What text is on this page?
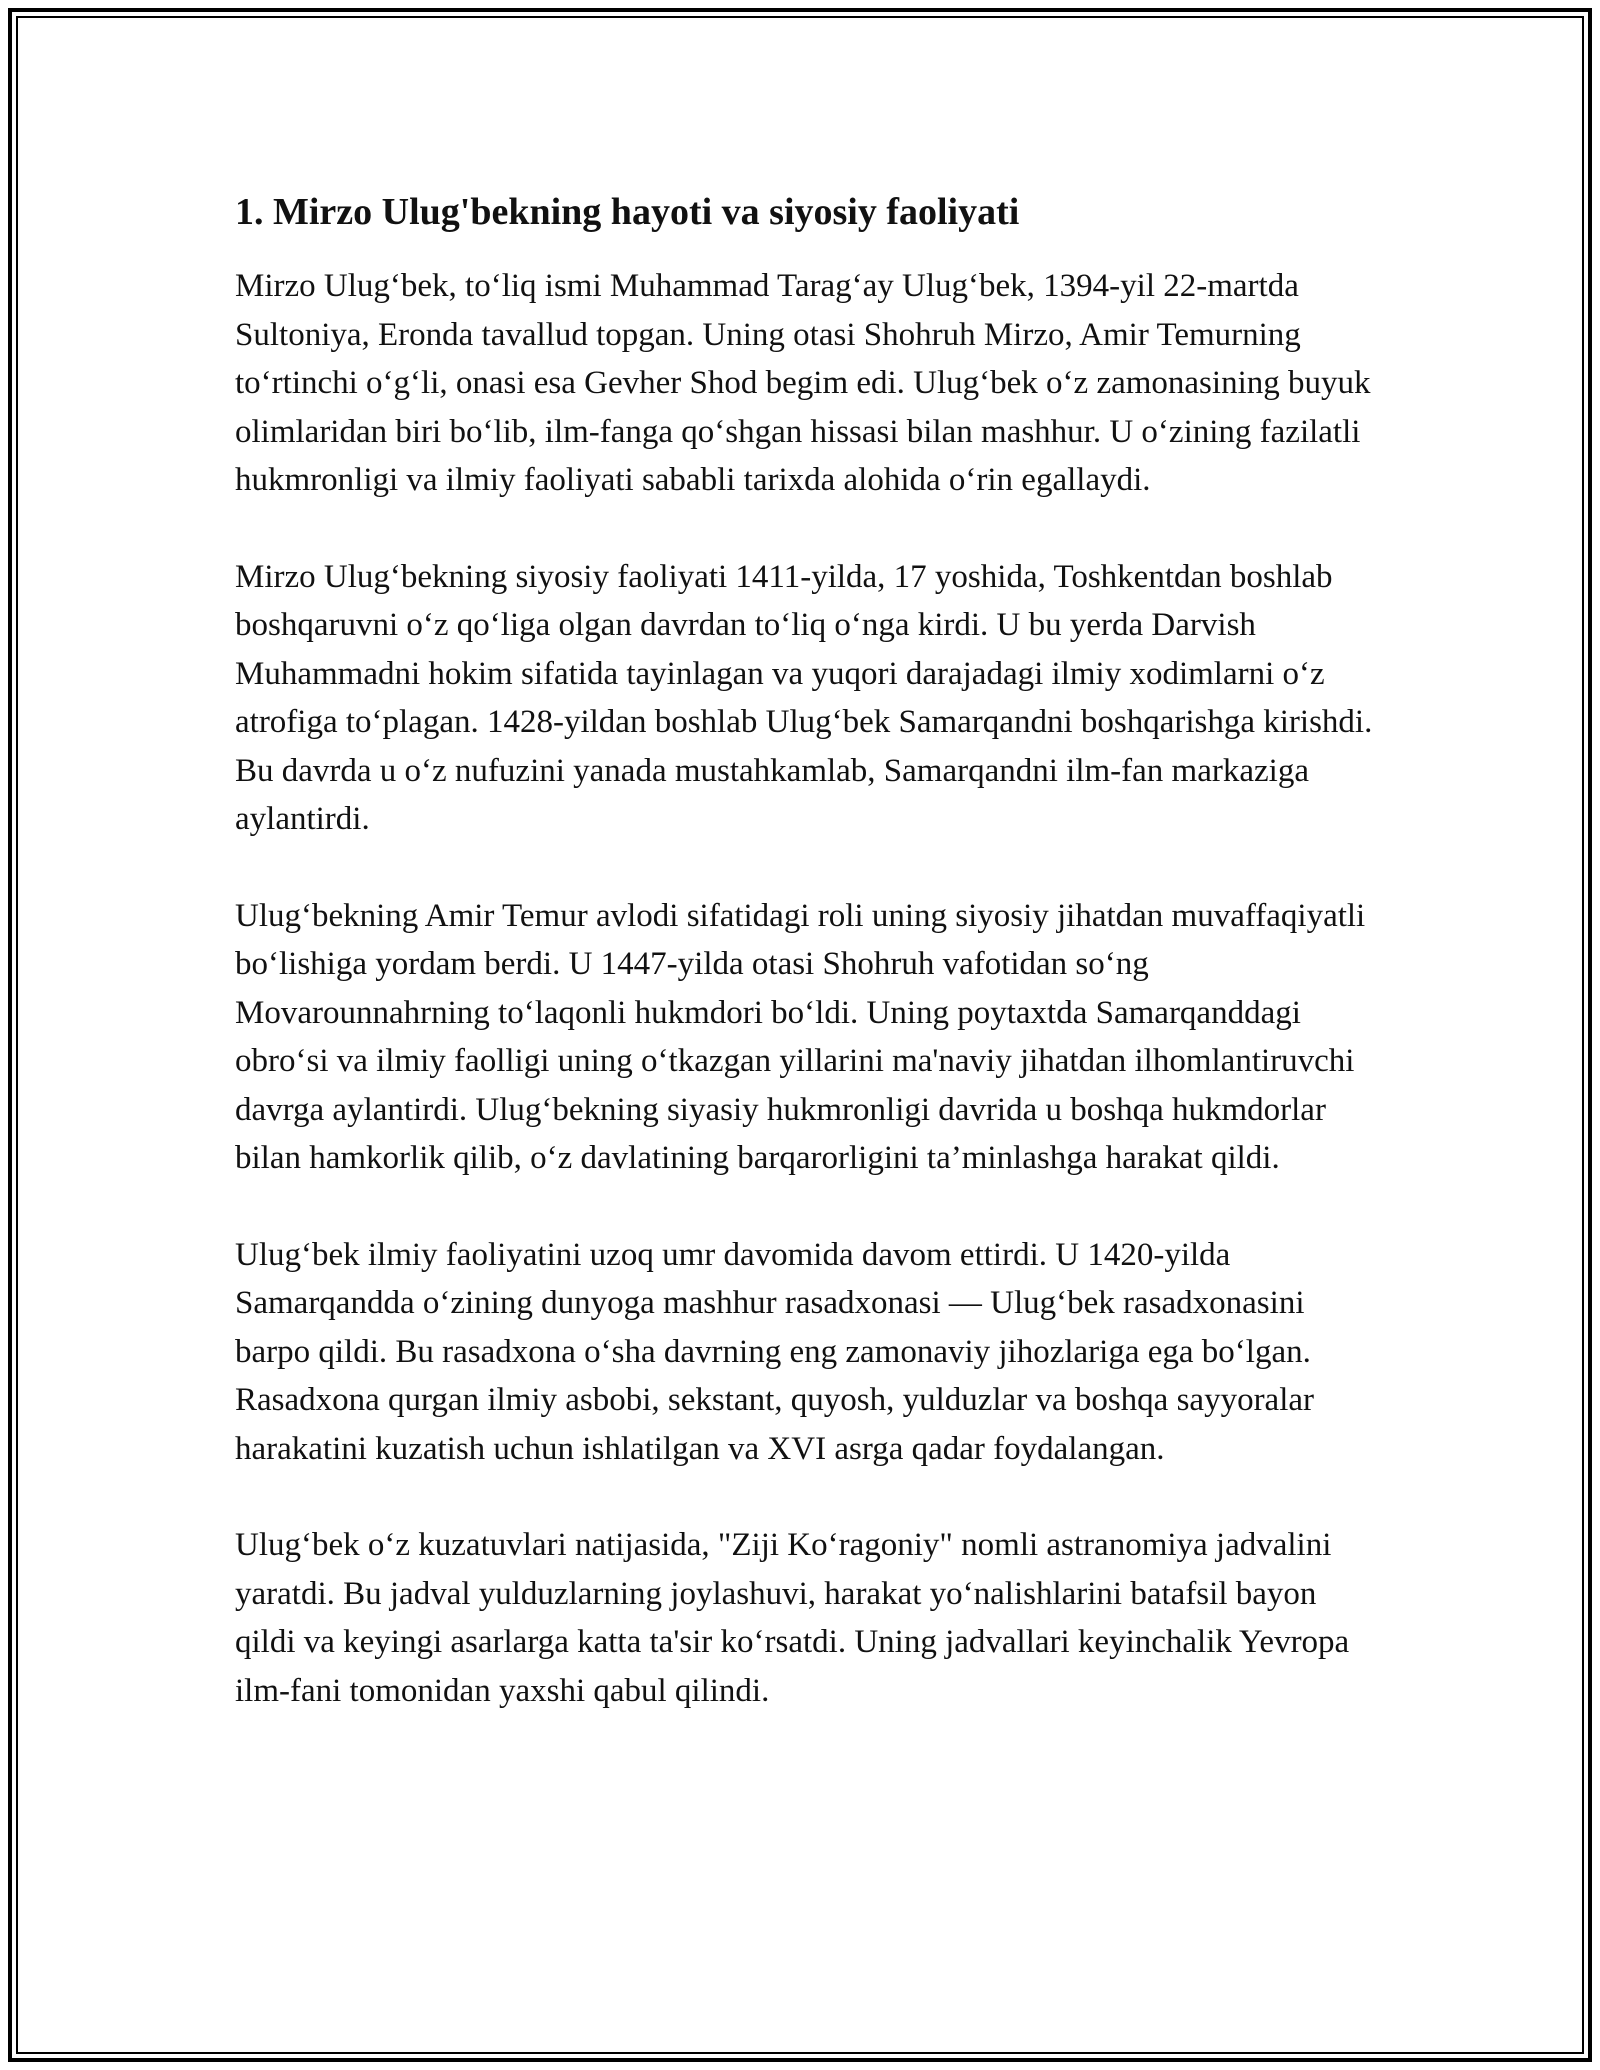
1. Mirzo Ulug'bekning hayoti va siyosiy faoliyati

Mirzo Ulug‘bek, to‘liq ismi Muhammad Tarag‘ay Ulug‘bek, 1394-yil 22-martda Sultoniya, Eronda tavallud topgan. Uning otasi Shohruh Mirzo, Amir Temurning to‘rtinchi o‘g‘li, onasi esa Gevher Shod begim edi. Ulug‘bek o‘z zamonasining buyuk olimlaridan biri bo‘lib, ilm-fanga qo‘shgan hissasi bilan mashhur. U o‘zining fazilatli hukmronligi va ilmiy faoliyati sababli tarixda alohida o‘rin egallaydi.

Mirzo Ulug‘bekning siyosiy faoliyati 1411-yilda, 17 yoshida, Toshkentdan boshlab boshqaruvni o‘z qo‘liga olgan davrdan to‘liq o‘nga kirdi. U bu yerda Darvish Muhammadni hokim sifatida tayinlagan va yuqori darajadagi ilmiy xodimlarni o‘z atrofiga to‘plagan. 1428-yildan boshlab Ulug‘bek Samarqandni boshqarishga kirishdi. Bu davrda u o‘z nufuzini yanada mustahkamlab, Samarqandni ilm-fan markaziga aylantirdi.

Ulug‘bekning Amir Temur avlodi sifatidagi roli uning siyosiy jihatdan muvaffaqiyatli bo‘lishiga yordam berdi. U 1447-yilda otasi Shohruh vafotidan so‘ng Movarounnahrning to‘laqonli hukmdori bo‘ldi. Uning poytaxtda Samarqanddagi obro‘si va ilmiy faolligi uning o‘tkazgan yillarini ma'naviy jihatdan ilhomlantiruvchi davrga aylantirdi. Ulug‘bekning siyasiy hukmronligi davrida u boshqa hukmdorlar bilan hamkorlik qilib, o‘z davlatining barqarorligini ta’minlashga harakat qildi.

Ulug‘bek ilmiy faoliyatini uzoq umr davomida davom ettirdi. U 1420-yilda Samarqandda o‘zining dunyoga mashhur rasadxonasi — Ulug‘bek rasadxonasini barpo qildi. Bu rasadxona o‘sha davrning eng zamonaviy jihozlariga ega bo‘lgan. Rasadxona qurgan ilmiy asbobi, sekstant, quyosh, yulduzlar va boshqa sayyoralar harakatini kuzatish uchun ishlatilgan va XVI asrga qadar foydalangan.

Ulug‘bek o‘z kuzatuvlari natijasida, "Ziji Ko‘ragoniy" nomli astranomiya jadvalini yaratdi. Bu jadval yulduzlarning joylashuvi, harakat yo‘nalishlarini batafsil bayon qildi va keyingi asarlarga katta ta'sir ko‘rsatdi. Uning jadvallari keyinchalik Yevropa ilm-fani tomonidan yaxshi qabul qilindi.
